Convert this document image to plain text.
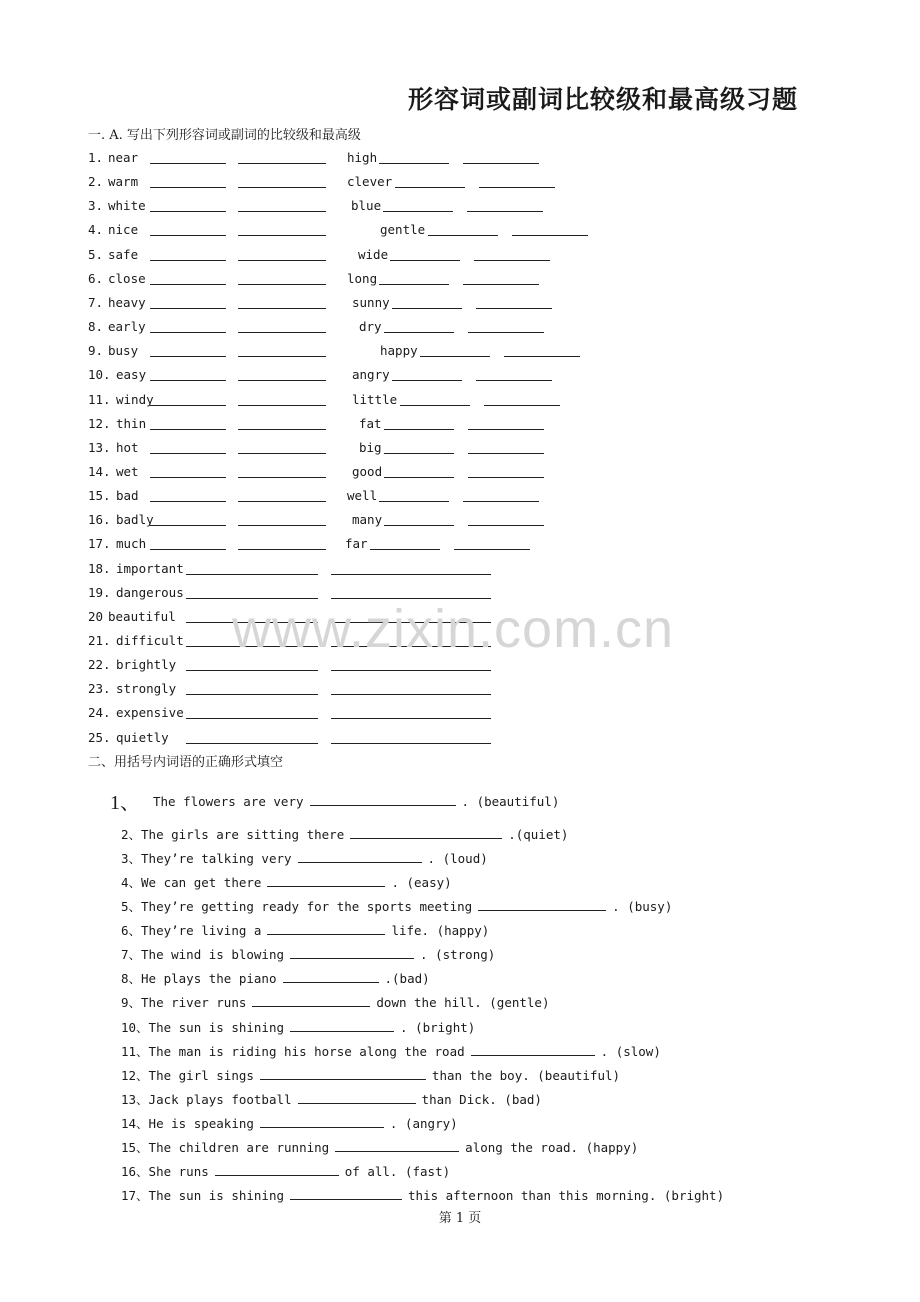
形容词或副词比较级和最高级习题
一. A. 写出下列形容词或副词的比较级和最高级
1. near	high
2. warm	clever
3. white	blue
4. nice	gentle
5. safe	wide
6. close	long
7. heavy	sunny
8. early	dry
9. busy	happy
10. easy	angry
11. windy	little
12. thin	fat
13. hot	big
14. wet	good
15. bad	well
16. badly	many
17. much	far
18. important
19. dangerous
20 beautiful
21. difficult
22. brightly
23. strongly
24. expensive
25. quietly
二、用括号内词语的正确形式填空
1、 The flowers are very	. (beautiful)
2、The girls are sitting there	.(quiet)
3、They’re talking very	. (loud)
4、We can get there	. (easy)
5、They’re getting ready for the sports meeting	. (busy)
6、They’re living a	life. (happy)
7、The wind is blowing	. (strong)
8、He plays the piano	.(bad)
9、The river runs	down the hill. (gentle)
10、The sun is shining	. (bright)
11、The man is riding his horse along the road	. (slow)
12、The girl sings	than the boy. (beautiful)
13、Jack plays football	than Dick. (bad)
14、He is speaking	. (angry)
15、The children are running	along the road. (happy)
16、She runs	of all. (fast)
17、The sun is shining	this afternoon than this morning. (bright)
www.zixin.com.cn
第 1 页
